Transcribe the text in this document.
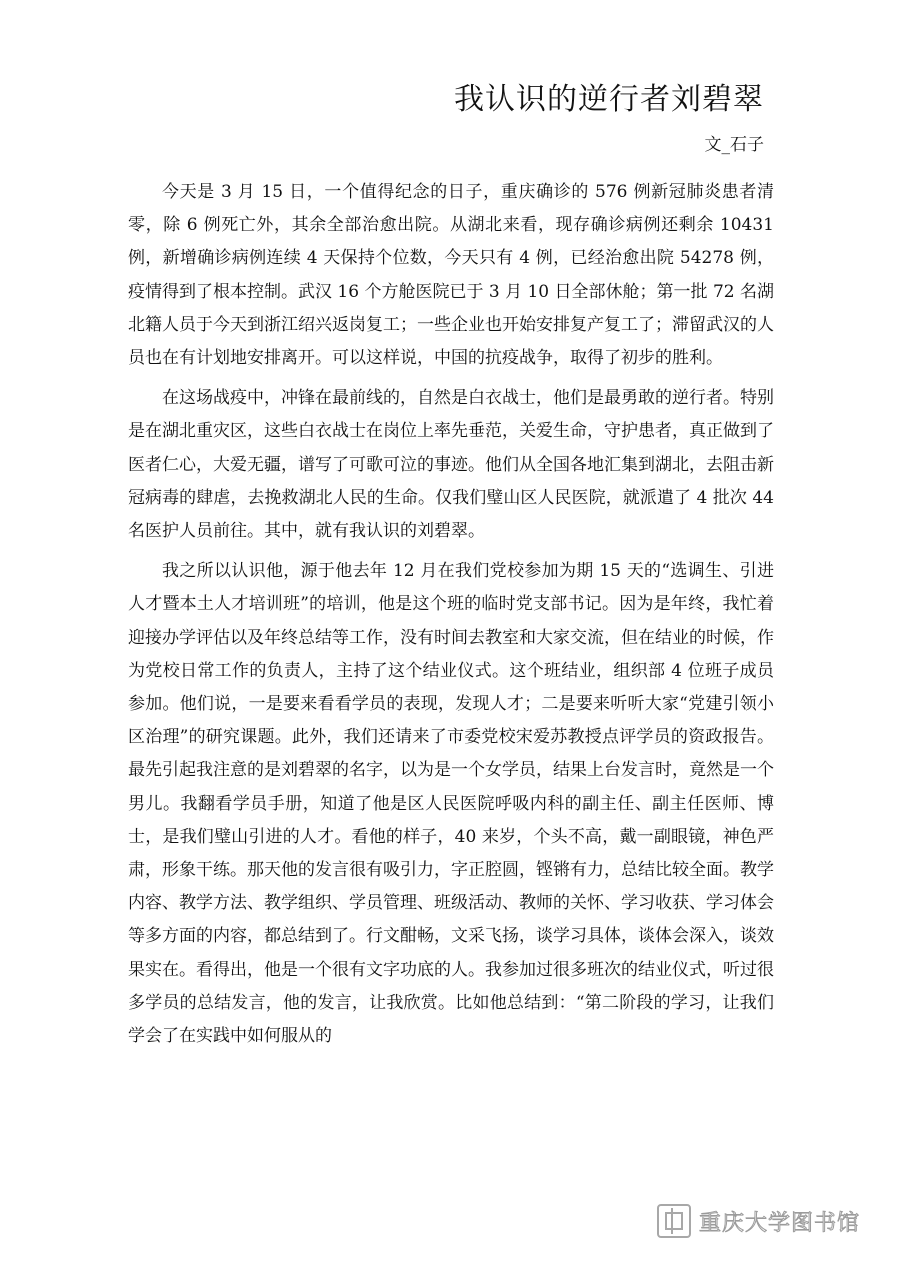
我认识的逆行者刘碧翠
文_石子

今天是 3 月 15 日，一个值得纪念的日子，重庆确诊的 576 例新冠肺炎患者清零，除 6 例死亡外，其余全部治愈出院。从湖北来看，现存确诊病例还剩余 10431 例，新增确诊病例连续 4 天保持个位数，今天只有 4 例，已经治愈出院 54278 例，疫情得到了根本控制。武汉 16 个方舱医院已于 3 月 10 日全部休舱；第一批 72 名湖北籍人员于今天到浙江绍兴返岗复工；一些企业也开始安排复产复工了；滞留武汉的人员也在有计划地安排离开。可以这样说，中国的抗疫战争，取得了初步的胜利。

在这场战疫中，冲锋在最前线的，自然是白衣战士，他们是最勇敢的逆行者。特别是在湖北重灾区，这些白衣战士在岗位上率先垂范，关爱生命，守护患者，真正做到了医者仁心，大爱无疆，谱写了可歌可泣的事迹。他们从全国各地汇集到湖北，去阻击新冠病毒的肆虐，去挽救湖北人民的生命。仅我们璧山区人民医院，就派遣了 4 批次 44 名医护人员前往。其中，就有我认识的刘碧翠。

我之所以认识他，源于他去年 12 月在我们党校参加为期 15 天的“选调生、引进人才暨本土人才培训班”的培训，他是这个班的临时党支部书记。因为是年终，我忙着迎接办学评估以及年终总结等工作，没有时间去教室和大家交流，但在结业的时候，作为党校日常工作的负责人，主持了这个结业仪式。这个班结业，组织部 4 位班子成员参加。他们说，一是要来看看学员的表现，发现人才；二是要来听听大家“党建引领小区治理”的研究课题。此外，我们还请来了市委党校宋爱苏教授点评学员的资政报告。最先引起我注意的是刘碧翠的名字，以为是一个女学员，结果上台发言时，竟然是一个男儿。我翻看学员手册，知道了他是区人民医院呼吸内科的副主任、副主任医师、博士，是我们璧山引进的人才。看他的样子，40 来岁，个头不高，戴一副眼镜，神色严肃，形象干练。那天他的发言很有吸引力，字正腔圆，铿锵有力，总结比较全面。教学内容、教学方法、教学组织、学员管理、班级活动、教师的关怀、学习收获、学习体会等多方面的内容，都总结到了。行文酣畅，文采飞扬，谈学习具体，谈体会深入，谈效果实在。看得出，他是一个很有文字功底的人。我参加过很多班次的结业仪式，听过很多学员的总结发言，他的发言，让我欣赏。比如他总结到：“第二阶段的学习，让我们学会了在实践中如何服从的

重庆大学图书馆
